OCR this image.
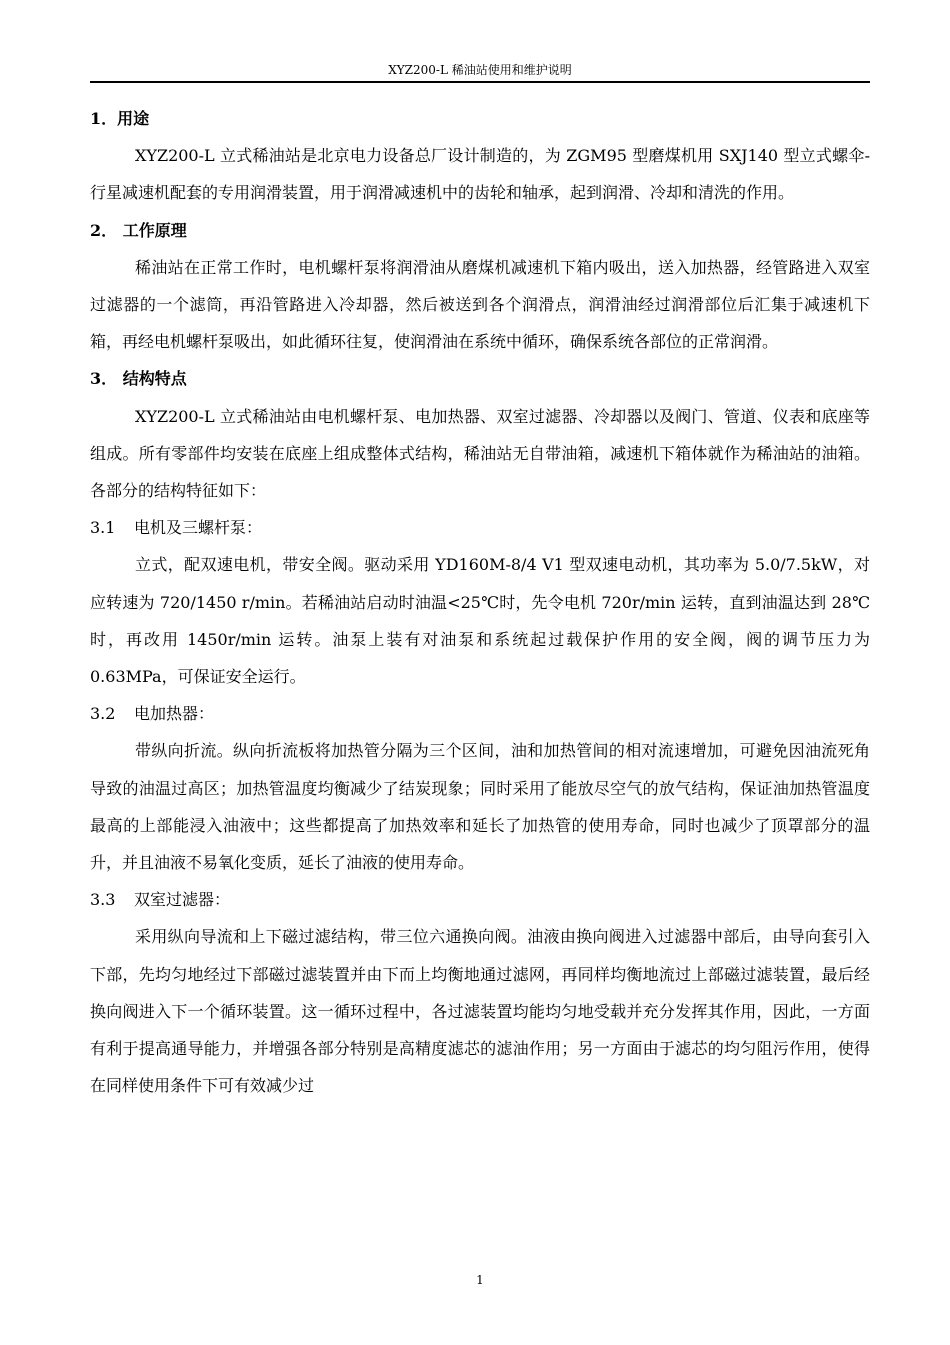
XYZ200-L 稀油站使用和维护说明

1．用途

XYZ200-L 立式稀油站是北京电力设备总厂设计制造的，为 ZGM95 型磨煤机用 SXJ140 型立式螺伞-行星减速机配套的专用润滑装置，用于润滑减速机中的齿轮和轴承，起到润滑、冷却和清洗的作用。

2． 工作原理

稀油站在正常工作时，电机螺杆泵将润滑油从磨煤机减速机下箱内吸出，送入加热器，经管路进入双室过滤器的一个滤筒，再沿管路进入冷却器，然后被送到各个润滑点，润滑油经过润滑部位后汇集于减速机下箱，再经电机螺杆泵吸出，如此循环往复，使润滑油在系统中循环，确保系统各部位的正常润滑。

3． 结构特点

XYZ200-L 立式稀油站由电机螺杆泵、电加热器、双室过滤器、冷却器以及阀门、管道、仪表和底座等组成。所有零部件均安装在底座上组成整体式结构，稀油站无自带油箱，减速机下箱体就作为稀油站的油箱。各部分的结构特征如下：

3.1 电机及三螺杆泵：

立式，配双速电机，带安全阀。驱动采用 YD160M-8/4 V1 型双速电动机，其功率为 5.0/7.5kW，对应转速为 720/1450 r/min。若稀油站启动时油温<25℃时，先令电机 720r/min 运转，直到油温达到 28℃时，再改用 1450r/min 运转。油泵上装有对油泵和系统起过载保护作用的安全阀，阀的调节压力为 0.63MPa，可保证安全运行。

3.2 电加热器：

带纵向折流。纵向折流板将加热管分隔为三个区间，油和加热管间的相对流速增加，可避免因油流死角导致的油温过高区；加热管温度均衡减少了结炭现象；同时采用了能放尽空气的放气结构，保证油加热管温度最高的上部能浸入油液中；这些都提高了加热效率和延长了加热管的使用寿命，同时也减少了顶罩部分的温升，并且油液不易氧化变质，延长了油液的使用寿命。

3.3 双室过滤器：

采用纵向导流和上下磁过滤结构，带三位六通换向阀。油液由换向阀进入过滤器中部后，由导向套引入下部，先均匀地经过下部磁过滤装置并由下而上均衡地通过滤网，再同样均衡地流过上部磁过滤装置，最后经换向阀进入下一个循环装置。这一循环过程中，各过滤装置均能均匀地受载并充分发挥其作用，因此，一方面有利于提高通导能力，并增强各部分特别是高精度滤芯的滤油作用；另一方面由于滤芯的均匀阻污作用，使得在同样使用条件下可有效减少过

1
